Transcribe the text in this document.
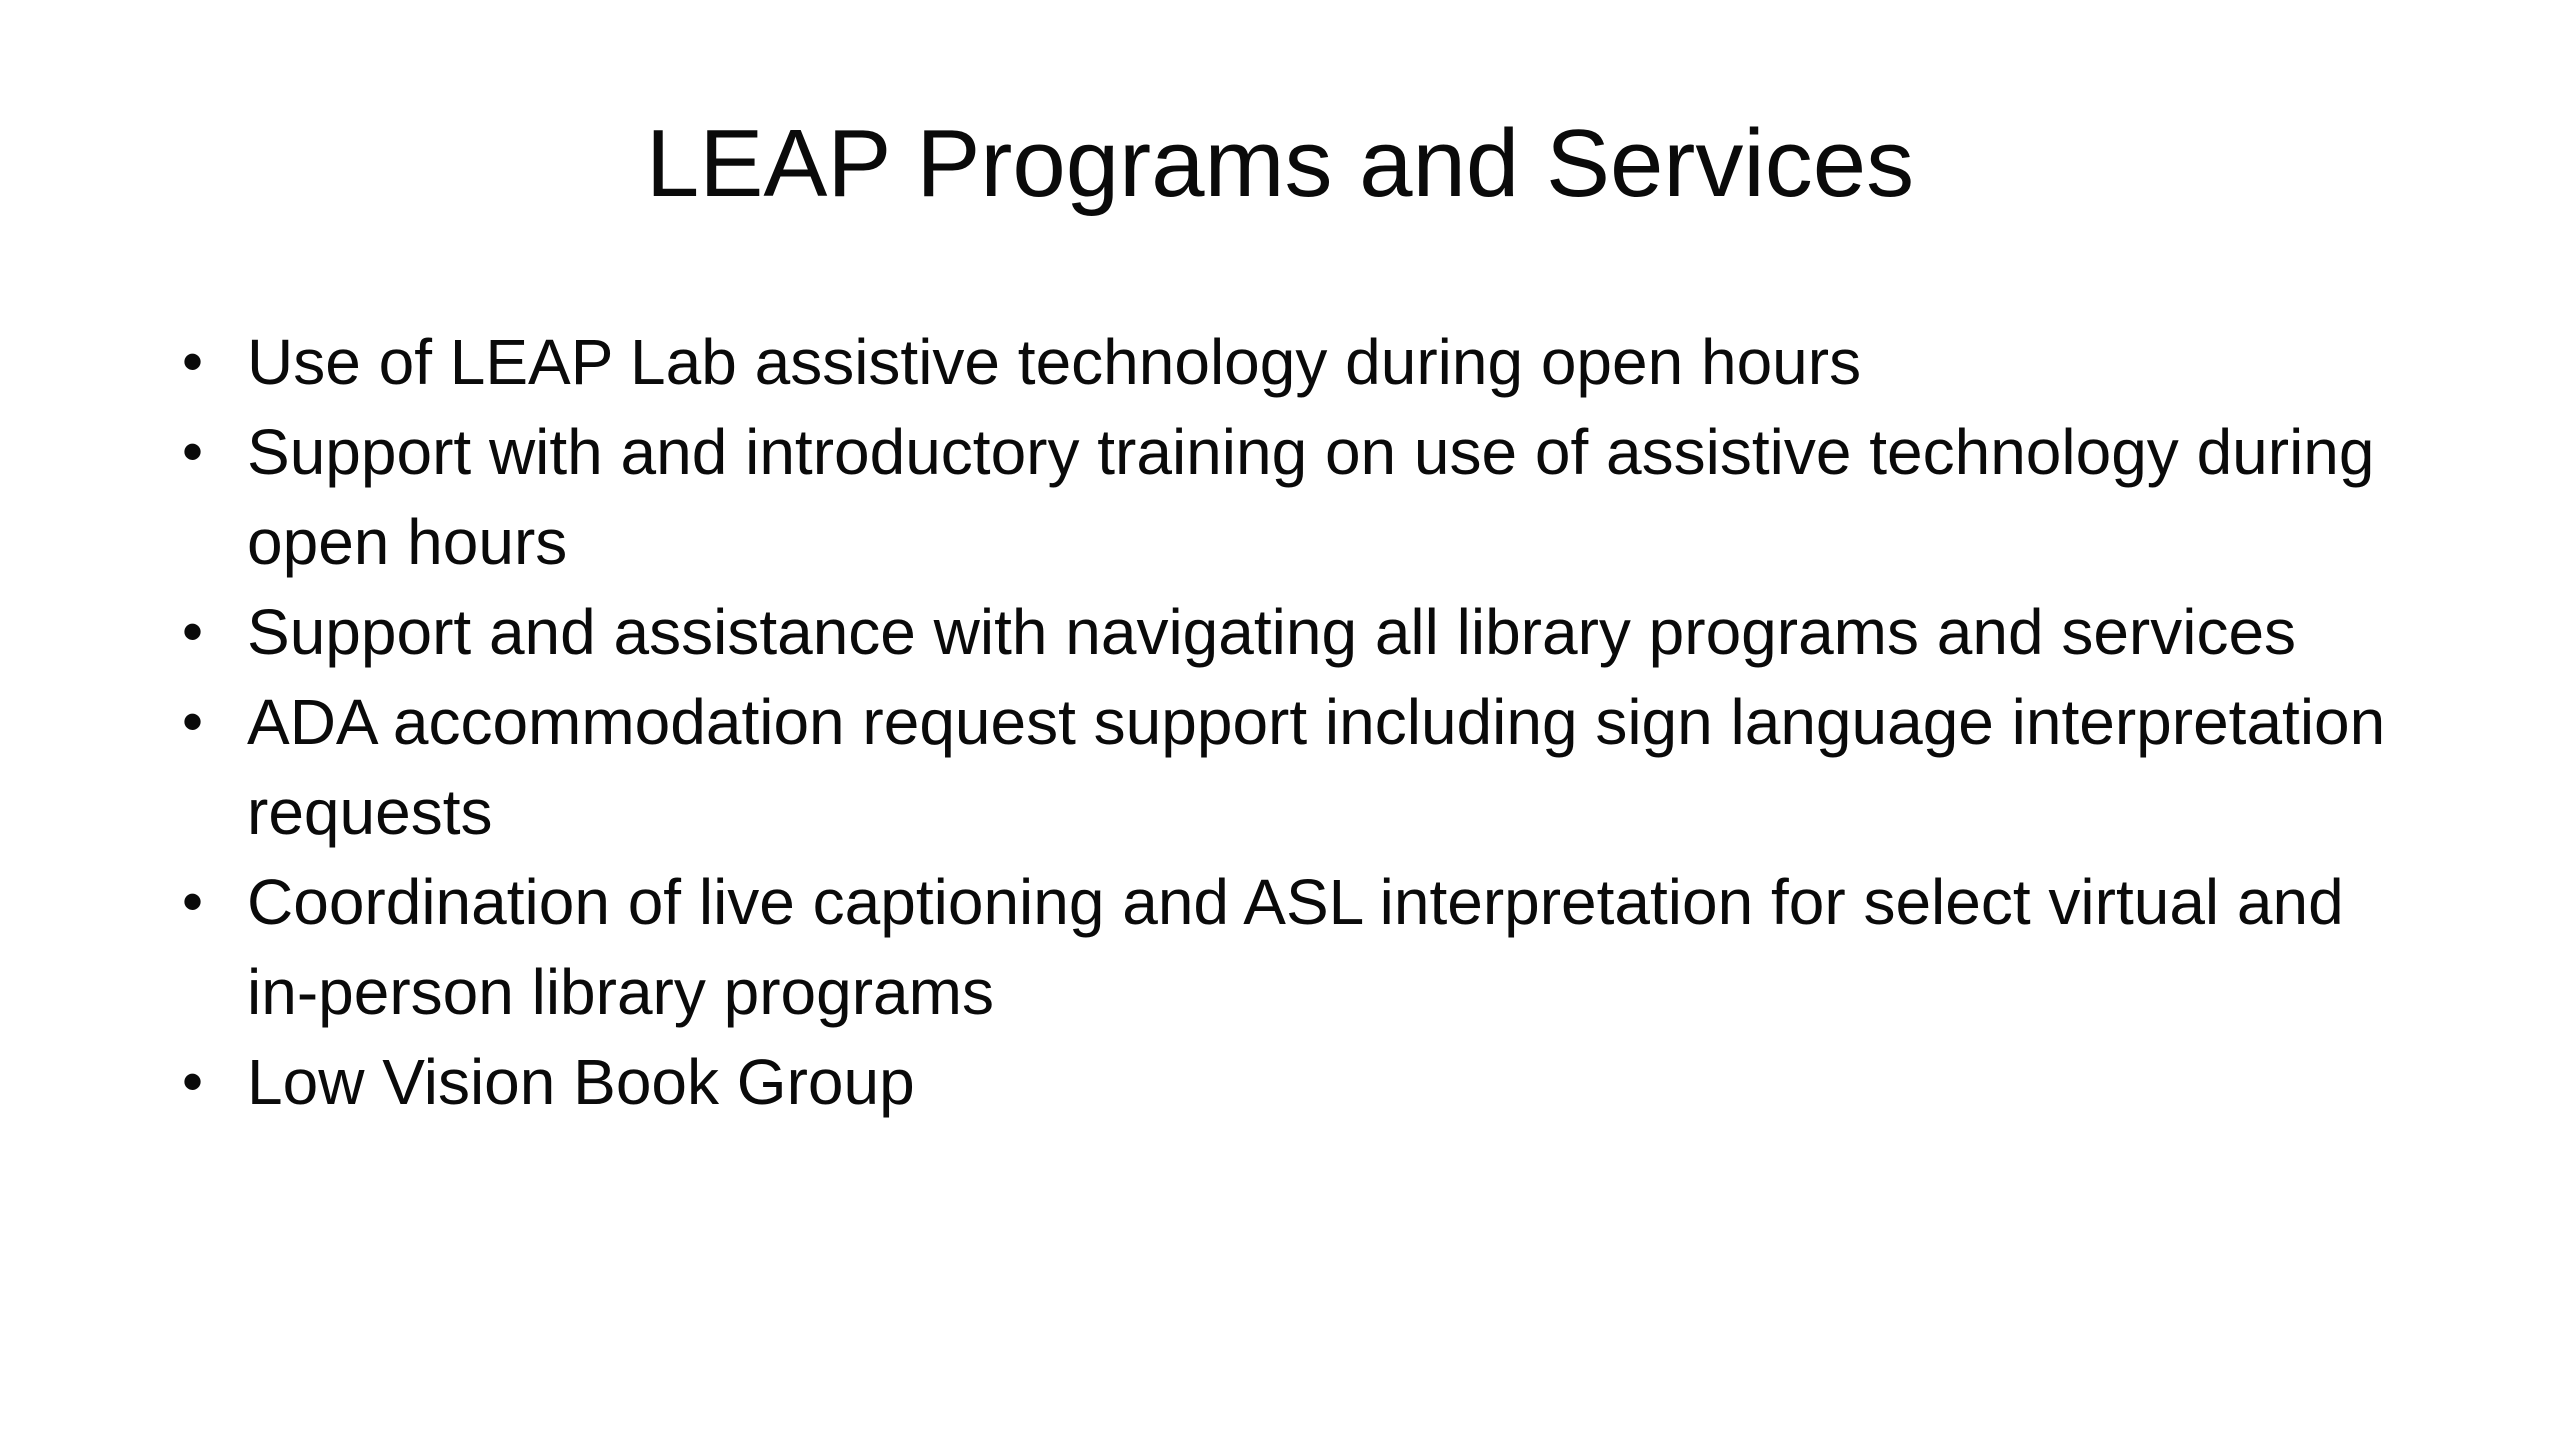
LEAP Programs and Services
• Use of LEAP Lab assistive technology during open hours
• Support with and introductory training on use of assistive technology during open hours
• Support and assistance with navigating all library programs and services
• ADA accommodation request support including sign language interpretation requests
• Coordination of live captioning and ASL interpretation for select virtual and in-person library programs
• Low Vision Book Group
